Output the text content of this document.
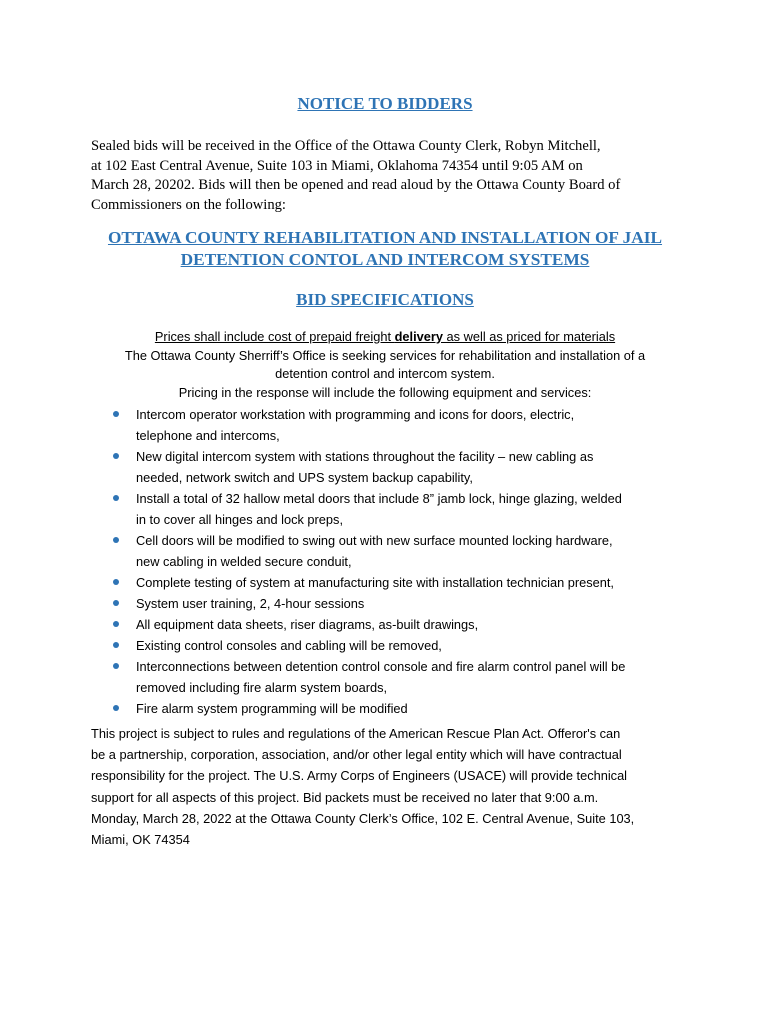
NOTICE TO BIDDERS
Sealed bids will be received in the Office of the Ottawa County Clerk, Robyn Mitchell,
at 102 East Central Avenue, Suite 103 in Miami, Oklahoma 74354 until 9:05 AM on
March 28, 20202. Bids will then be opened and read aloud by the Ottawa County Board of
Commissioners on the following:
OTTAWA COUNTY REHABILITATION AND INSTALLATION OF JAIL
DETENTION CONTOL AND INTERCOM SYSTEMS
BID SPECIFICATIONS
Prices shall include cost of prepaid freight delivery as well as priced for materials
The Ottawa County Sherriff’s Office is seeking services for rehabilitation and installation of a
detention control and intercom system.
Pricing in the response will include the following equipment and services:
Intercom operator workstation with programming and icons for doors, electric,
telephone and intercoms,
New digital intercom system with stations throughout the facility – new cabling as
needed, network switch and UPS system backup capability,
Install a total of 32 hallow metal doors that include 8” jamb lock, hinge glazing, welded
in to cover all hinges and lock preps,
Cell doors will be modified to swing out with new surface mounted locking hardware,
new cabling in welded secure conduit,
Complete testing of system at manufacturing site with installation technician present,
System user training, 2, 4-hour sessions
All equipment data sheets, riser diagrams, as-built drawings,
Existing control consoles and cabling will be removed,
Interconnections between detention control console and fire alarm control panel will be
removed including fire alarm system boards,
Fire alarm system programming will be modified
This project is subject to rules and regulations of the American Rescue Plan Act. Offeror's can
be a partnership, corporation, association, and/or other legal entity which will have contractual
responsibility for the project. The U.S. Army Corps of Engineers (USACE) will provide technical
support for all aspects of this project. Bid packets must be received no later that 9:00 a.m.
Monday, March 28, 2022 at the Ottawa County Clerk’s Office, 102 E. Central Avenue, Suite 103,
Miami, OK 74354
